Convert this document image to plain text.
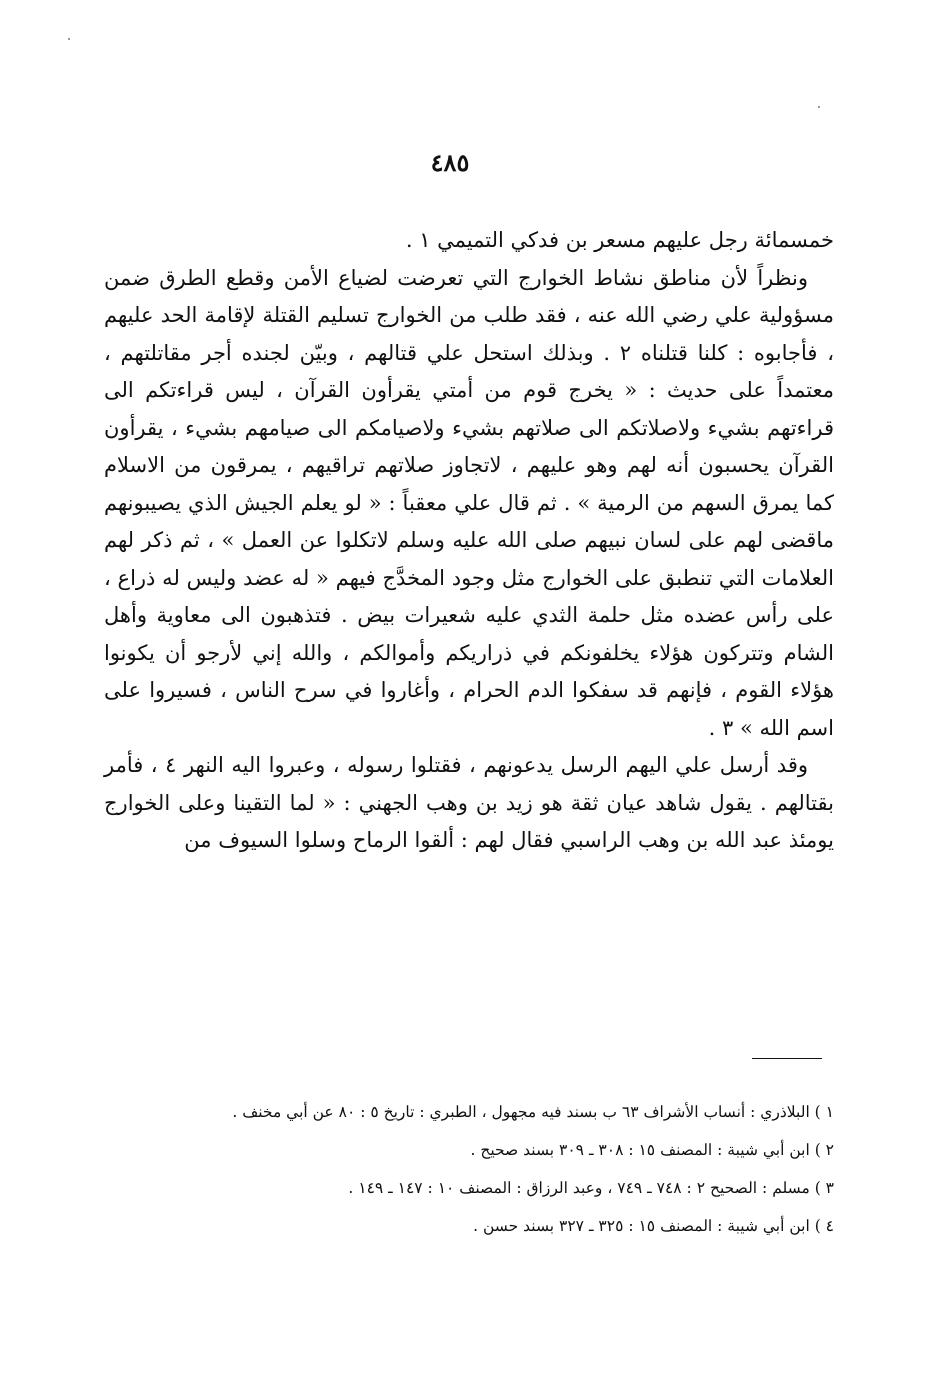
٤٨٥

خمسمائة رجل عليهم مسعر بن فدكي التميمي ١ .

ونظراً لأن مناطق نشاط الخوارج التي تعرضت لضياع الأمن وقطع الطرق ضمن مسؤولية علي رضي الله عنه ، فقد طلب من الخوارج تسليم القتلة لإقامة الحد عليهم ، فأجابوه : كلنا قتلناه ٢ . وبذلك استحل علي قتالهم ، وبيّن لجنده أجر مقاتلتهم ، معتمداً على حديث : « يخرج قوم من أمتي يقرأون القرآن ، ليس قراءتكم الى قراءتهم بشيء ولاصلاتكم الى صلاتهم بشيء ولاصيامكم الى صيامهم بشيء ، يقرأون القرآن يحسبون أنه لهم وهو عليهم ، لاتجاوز صلاتهم تراقيهم ، يمرقون من الاسلام كما يمرق السهم من الرمية » . ثم قال علي معقباً : « لو يعلم الجيش الذي يصيبونهم ماقضى لهم على لسان نبيهم صلى الله عليه وسلم لاتكلوا عن العمل » ، ثم ذكر لهم العلامات التي تنطبق على الخوارج مثل وجود المخدَّج فيهم « له عضد وليس له ذراع ، على رأس عضده مثل حلمة الثدي عليه شعيرات بيض . فتذهبون الى معاوية وأهل الشام وتتركون هؤلاء يخلفونكم في ذراريكم وأموالكم ، والله إني لأرجو أن يكونوا هؤلاء القوم ، فإنهم قد سفكوا الدم الحرام ، وأغاروا في سرح الناس ، فسيروا على اسم الله » ٣ .

وقد أرسل علي اليهم الرسل يدعونهم ، فقتلوا رسوله ، وعبروا اليه النهر ٤ ، فأمر بقتالهم . يقول شاهد عيان ثقة هو زيد بن وهب الجهني : « لما التقينا وعلى الخوارج يومئذ عبد الله بن وهب الراسبي فقال لهم : ألقوا الرماح وسلوا السيوف من

١ ) البلاذري : أنساب الأشراف ٦٣ ب بسند فيه مجهول ، الطبري : تاريخ ٥ : ٨٠ عن أبي مخنف .
٢ ) ابن أبي شيبة : المصنف ١٥ : ٣٠٨ ـ ٣٠٩ بسند صحيح .
٣ ) مسلم : الصحيح ٢ : ٧٤٨ ـ ٧٤٩ ، وعبد الرزاق : المصنف ١٠ : ١٤٧ ـ ١٤٩ .
٤ ) ابن أبي شيبة : المصنف ١٥ : ٣٢٥ ـ ٣٢٧ بسند حسن .
